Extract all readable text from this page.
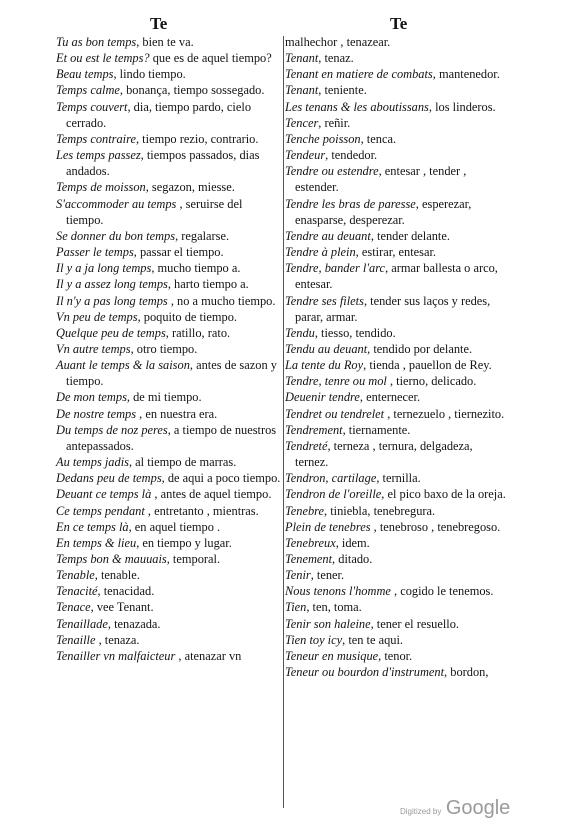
Te	Te

Tu as bon temps, bien te va.

Et ou est le temps? que es de aquel tiempo?

Beau temps, lindo tiempo.

Temps calme, bonança, tiempo sossegado.

Temps couvert, dia, tiempo pardo, cielo cerrado.

Temps contraire, tiempo rezio, contrario.

Les temps passez, tiempos passados, dias andados.

Temps de moisson, segazon, miesse.

S'accommoder au temps , seruirse del tiempo.

Se donner du bon temps, regalarse.

Passer le temps, passar el tiempo.

Il y a ja long temps, mucho tiempo a.

Il y a assez long temps, harto tiempo a.

Il n'y a pas long temps , no a mucho tiempo.

Vn peu de temps, poquito de tiempo.

Quelque peu de temps, ratillo, rato.

Vn autre temps, otro tiempo.

Auant le temps & la saison, antes de sazon y tiempo.

De mon temps, de mi tiempo.

De nostre temps , en nuestra era.

Du temps de noz peres, a tiempo de nuestros antepassados.

Au temps jadis, al tiempo de marras.

Dedans peu de temps, de aqui a poco tiempo.

Deuant ce temps là , antes de aquel tiempo.

Ce temps pendant , entretanto , mientras.

En ce temps là, en aquel tiempo .

En temps & lieu, en tiempo y lugar.

Temps bon & mauuais, temporal.

Tenable, tenable.

Tenacité, tenacidad.

Tenace, vee Tenant.

Tenaillade, tenazada.

Tenaille , tenaza.

Tenailler vn malfaicteur , atenazar vn

malhechor , tenazear.

Tenant, tenaz.

Tenant en matiere de combats, mantenedor.

Tenant, teniente.

Les tenans & les aboutissans, los linderos.

Tencer, reñir.

Tenche poisson, tenca.

Tendeur, tendedor.

Tendre ou estendre, entesar , tender , estender.

Tendre les bras de paresse, esperezar, enasparse, desperezar.

Tendre au deuant, tender delante.

Tendre à plein, estirar, entesar.

Tendre, bander l'arc, armar ballesta o arco, entesar.

Tendre ses filets, tender sus laços y redes, parar, armar.

Tendu, tiesso, tendido.

Tendu au deuant, tendido por delante.

La tente du Roy, tienda , pauellon de Rey.

Tendre, tenre ou mol , tierno, delicado.

Deuenir tendre, enternecer.

Tendret ou tendrelet , ternezuelo , tiernezito.

Tendrement, tiernamente.

Tendreté, terneza , ternura, delgadeza, ternez.

Tendron, cartilage, ternilla.

Tendron de l'oreille, el pico baxo de la oreja.

Tenebre, tiniebla, tenebregura.

Plein de tenebres , tenebroso , tenebregoso.

Tenebreux, idem.

Tenement, ditado.

Tenir, tener.

Nous tenons l'homme , cogido le tenemos.

Tien, ten, toma.

Tenir son haleine, tener el resuello.

Tien toy icy, ten te aqui.

Teneur en musique, tenor.

Teneur ou bourdon d'instrument, bordon,

Digitized by Google
